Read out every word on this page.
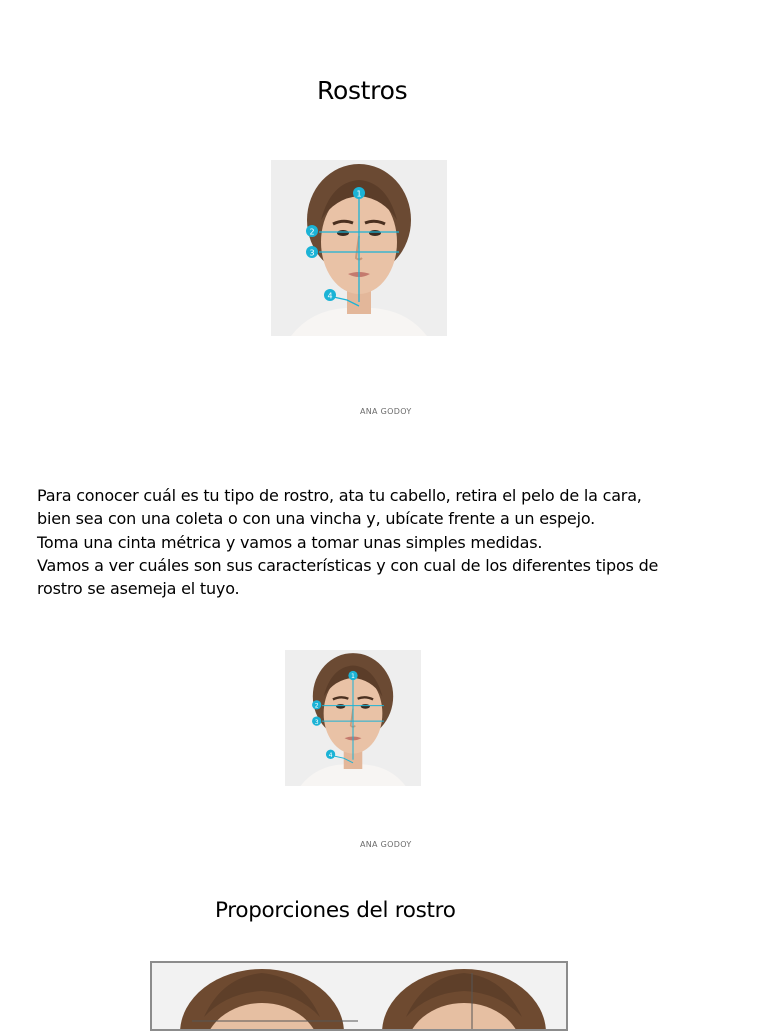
Rostros
1
2
3
4
ANA GODOY
Para conocer cuál es tu tipo de rostro, ata tu cabello, retira el pelo de la cara,
bien sea con una coleta o con una vincha y, ubícate frente a un espejo.
Toma una cinta métrica y vamos a tomar unas simples medidas.
Vamos a ver cuáles son sus características y con cual de los diferentes tipos de
rostro se asemeja el tuyo.
1
2
3
4
ANA GODOY
Proporciones del rostro
